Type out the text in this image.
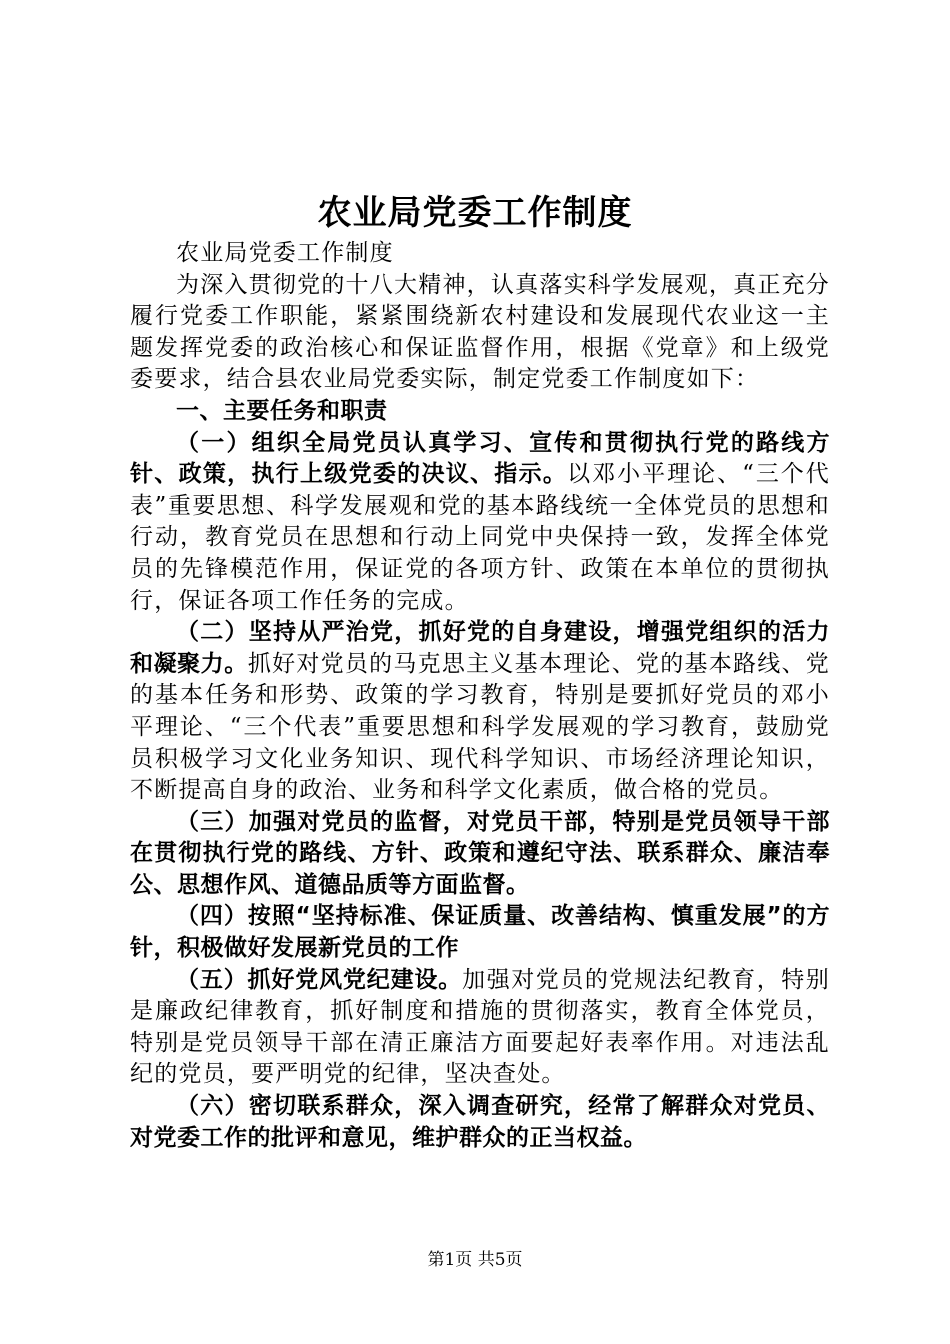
农业局党委工作制度

农业局党委工作制度

为深入贯彻党的十八大精神，认真落实科学发展观，真正充分履行党委工作职能，紧紧围绕新农村建设和发展现代农业这一主题发挥党委的政治核心和保证监督作用，根据《党章》和上级党委要求，结合县农业局党委实际，制定党委工作制度如下：

一、主要任务和职责

（一）组织全局党员认真学习、宣传和贯彻执行党的路线方针、政策，执行上级党委的决议、指示。以邓小平理论、“三个代表”重要思想、科学发展观和党的基本路线统一全体党员的思想和行动，教育党员在思想和行动上同党中央保持一致，发挥全体党员的先锋模范作用，保证党的各项方针、政策在本单位的贯彻执行，保证各项工作任务的完成。

（二）坚持从严治党，抓好党的自身建设，增强党组织的活力和凝聚力。抓好对党员的马克思主义基本理论、党的基本路线、党的基本任务和形势、政策的学习教育，特别是要抓好党员的邓小平理论、“三个代表”重要思想和科学发展观的学习教育，鼓励党员积极学习文化业务知识、现代科学知识、市场经济理论知识，不断提高自身的政治、业务和科学文化素质，做合格的党员。

（三）加强对党员的监督，对党员干部，特别是党员领导干部在贯彻执行党的路线、方针、政策和遵纪守法、联系群众、廉洁奉公、思想作风、道德品质等方面监督。

（四）按照“坚持标准、保证质量、改善结构、慎重发展”的方针，积极做好发展新党员的工作

（五）抓好党风党纪建设。加强对党员的党规法纪教育，特别是廉政纪律教育，抓好制度和措施的贯彻落实，教育全体党员，特别是党员领导干部在清正廉洁方面要起好表率作用。对违法乱纪的党员，要严明党的纪律，坚决查处。

（六）密切联系群众，深入调查研究，经常了解群众对党员、对党委工作的批评和意见，维护群众的正当权益。

第1页 共5页
